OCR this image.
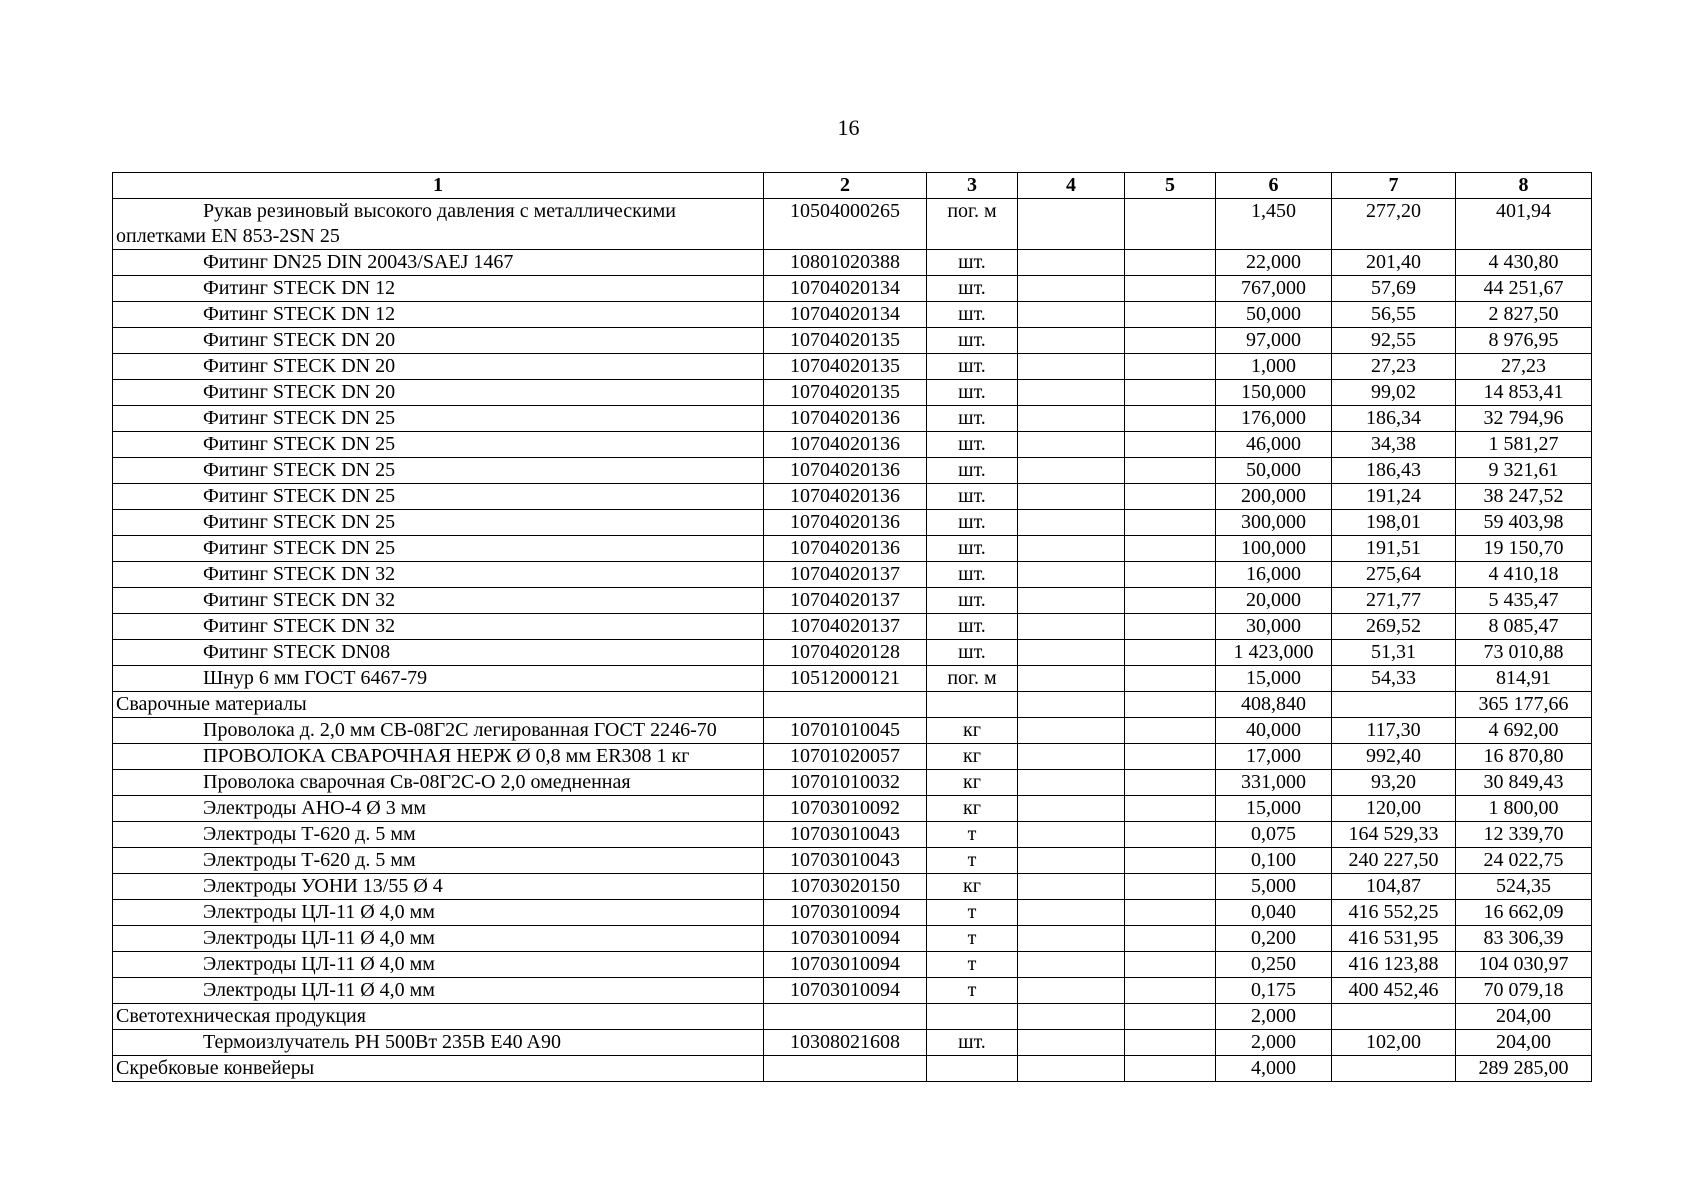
16
1	2	3	4	5	6	7	8
Рукав резиновый высокого давления с металлическими оплетками EN 853-2SN 25	10504000265	пог. м			1,450	277,20	401,94
Фитинг DN25 DIN 20043/SAEJ 1467	10801020388	шт.			22,000	201,40	4 430,80
Фитинг STECK DN 12	10704020134	шт.			767,000	57,69	44 251,67
Фитинг STECK DN 12	10704020134	шт.			50,000	56,55	2 827,50
Фитинг STECK DN 20	10704020135	шт.			97,000	92,55	8 976,95
Фитинг STECK DN 20	10704020135	шт.			1,000	27,23	27,23
Фитинг STECK DN 20	10704020135	шт.			150,000	99,02	14 853,41
Фитинг STECK DN 25	10704020136	шт.			176,000	186,34	32 794,96
Фитинг STECK DN 25	10704020136	шт.			46,000	34,38	1 581,27
Фитинг STECK DN 25	10704020136	шт.			50,000	186,43	9 321,61
Фитинг STECK DN 25	10704020136	шт.			200,000	191,24	38 247,52
Фитинг STECK DN 25	10704020136	шт.			300,000	198,01	59 403,98
Фитинг STECK DN 25	10704020136	шт.			100,000	191,51	19 150,70
Фитинг STECK DN 32	10704020137	шт.			16,000	275,64	4 410,18
Фитинг STECK DN 32	10704020137	шт.			20,000	271,77	5 435,47
Фитинг STECK DN 32	10704020137	шт.			30,000	269,52	8 085,47
Фитинг STECK DN08	10704020128	шт.			1 423,000	51,31	73 010,88
Шнур 6 мм ГОСТ 6467-79	10512000121	пог. м			15,000	54,33	814,91
Сварочные материалы					408,840		365 177,66
Проволока д. 2,0 мм СВ-08Г2С легированная ГОСТ 2246-70	10701010045	кг			40,000	117,30	4 692,00
ПРОВОЛОКА СВАРОЧНАЯ НЕРЖ Ø 0,8 мм ER308 1 кг	10701020057	кг			17,000	992,40	16 870,80
Проволока сварочная Св-08Г2С-О 2,0 омедненная	10701010032	кг			331,000	93,20	30 849,43
Электроды АНО-4 Ø 3 мм	10703010092	кг			15,000	120,00	1 800,00
Электроды Т-620 д. 5 мм	10703010043	т			0,075	164 529,33	12 339,70
Электроды Т-620 д. 5 мм	10703010043	т			0,100	240 227,50	24 022,75
Электроды УОНИ 13/55 Ø 4	10703020150	кг			5,000	104,87	524,35
Электроды ЦЛ-11 Ø 4,0 мм	10703010094	т			0,040	416 552,25	16 662,09
Электроды ЦЛ-11 Ø 4,0 мм	10703010094	т			0,200	416 531,95	83 306,39
Электроды ЦЛ-11 Ø 4,0 мм	10703010094	т			0,250	416 123,88	104 030,97
Электроды ЦЛ-11 Ø 4,0 мм	10703010094	т			0,175	400 452,46	70 079,18
Светотехническая продукция					2,000		204,00
Термоизлучатель PH 500Вт 235В E40 A90	10308021608	шт.			2,000	102,00	204,00
Скребковые конвейеры					4,000		289 285,00
